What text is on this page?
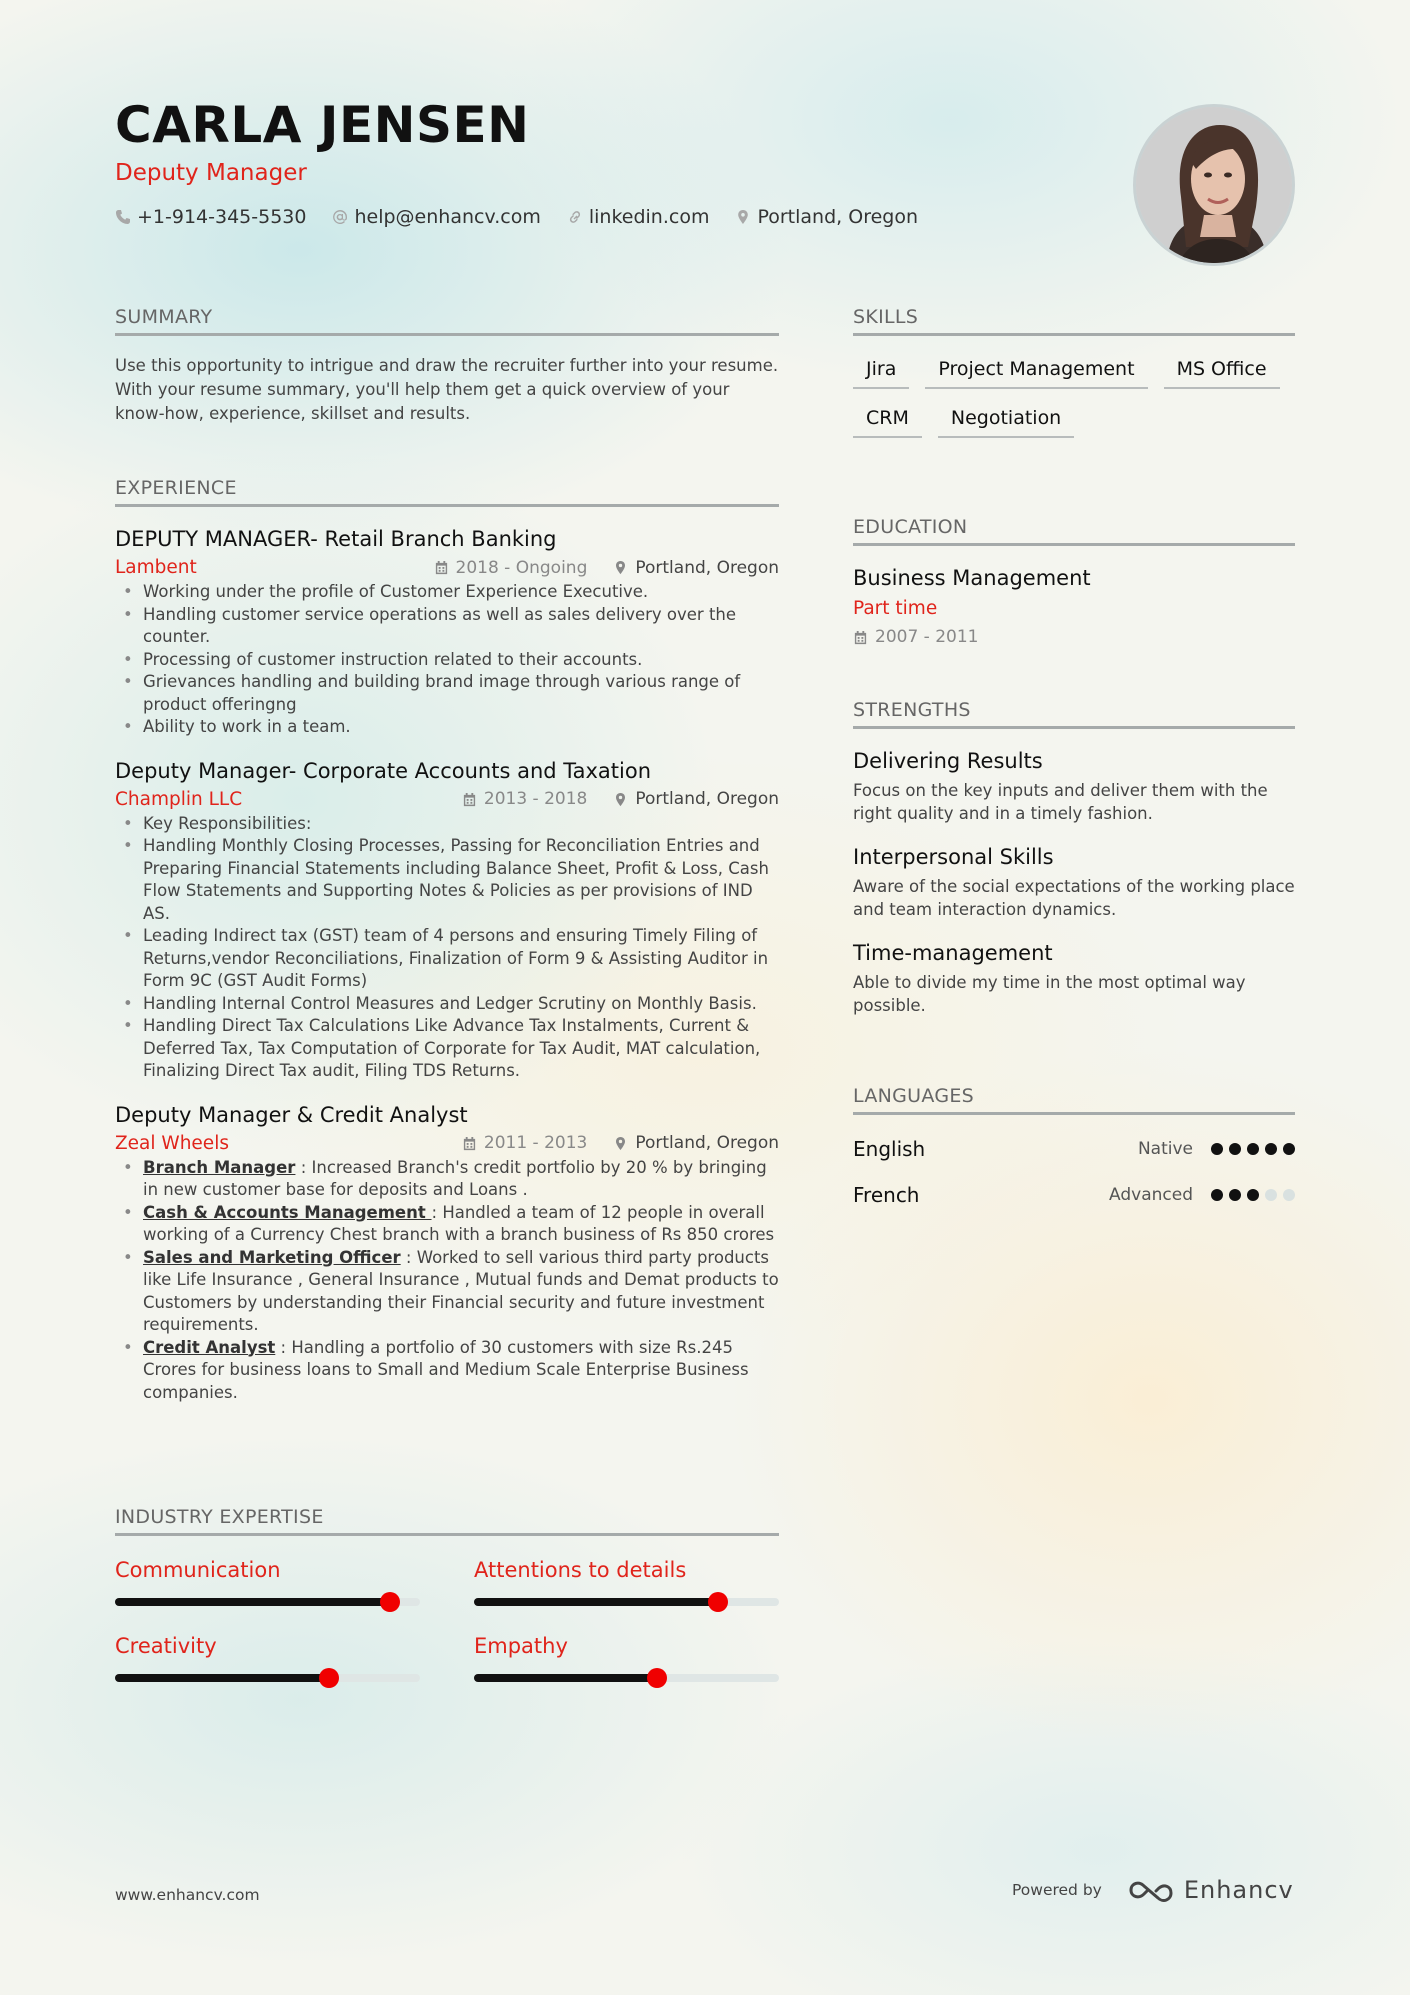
CARLA JENSEN
Deputy Manager
+1-914-345-5530	help@enhancv.com	linkedin.com	Portland, Oregon
SUMMARY
Use this opportunity to intrigue and draw the recruiter further into your resume. With your resume summary, you'll help them get a quick overview of your know-how, experience, skillset and results.
EXPERIENCE
DEPUTY MANAGER- Retail Branch Banking
Lambent	2018 - Ongoing	Portland, Oregon
• Working under the profile of Customer Experience Executive.
• Handling customer service operations as well as sales delivery over the counter.
• Processing of customer instruction related to their accounts.
• Grievances handling and building brand image through various range of product offeringng
• Ability to work in a team.
Deputy Manager- Corporate Accounts and Taxation
Champlin LLC	2013 - 2018	Portland, Oregon
• Key Responsibilities:
• Handling Monthly Closing Processes, Passing for Reconciliation Entries and Preparing Financial Statements including Balance Sheet, Profit & Loss, Cash Flow Statements and Supporting Notes & Policies as per provisions of IND AS.
• Leading Indirect tax (GST) team of 4 persons and ensuring Timely Filing of Returns,vendor Reconciliations, Finalization of Form 9 & Assisting Auditor in Form 9C (GST Audit Forms)
• Handling Internal Control Measures and Ledger Scrutiny on Monthly Basis.
• Handling Direct Tax Calculations Like Advance Tax Instalments, Current & Deferred Tax, Tax Computation of Corporate for Tax Audit, MAT calculation, Finalizing Direct Tax audit, Filing TDS Returns.
Deputy Manager & Credit Analyst
Zeal Wheels	2011 - 2013	Portland, Oregon
• Branch Manager : Increased Branch's credit portfolio by 20 % by bringing in new customer base for deposits and Loans .
• Cash & Accounts Management : Handled a team of 12 people in overall working of a Currency Chest branch with a branch business of Rs 850 crores
• Sales and Marketing Officer : Worked to sell various third party products like Life Insurance , General Insurance , Mutual funds and Demat products to Customers by understanding their Financial security and future investment requirements.
• Credit Analyst : Handling a portfolio of 30 customers with size Rs.245 Crores for business loans to Small and Medium Scale Enterprise Business companies.
INDUSTRY EXPERTISE
Communication	Attentions to details
Creativity	Empathy
SKILLS
Jira	Project Management	MS Office
CRM	Negotiation
EDUCATION
Business Management
Part time
2007 - 2011
STRENGTHS
Delivering Results
Focus on the key inputs and deliver them with the right quality and in a timely fashion.
Interpersonal Skills
Aware of the social expectations of the working place and team interaction dynamics.
Time-management
Able to divide my time in the most optimal way possible.
LANGUAGES
English	Native
French	Advanced
www.enhancv.com	Powered by	Enhancv
